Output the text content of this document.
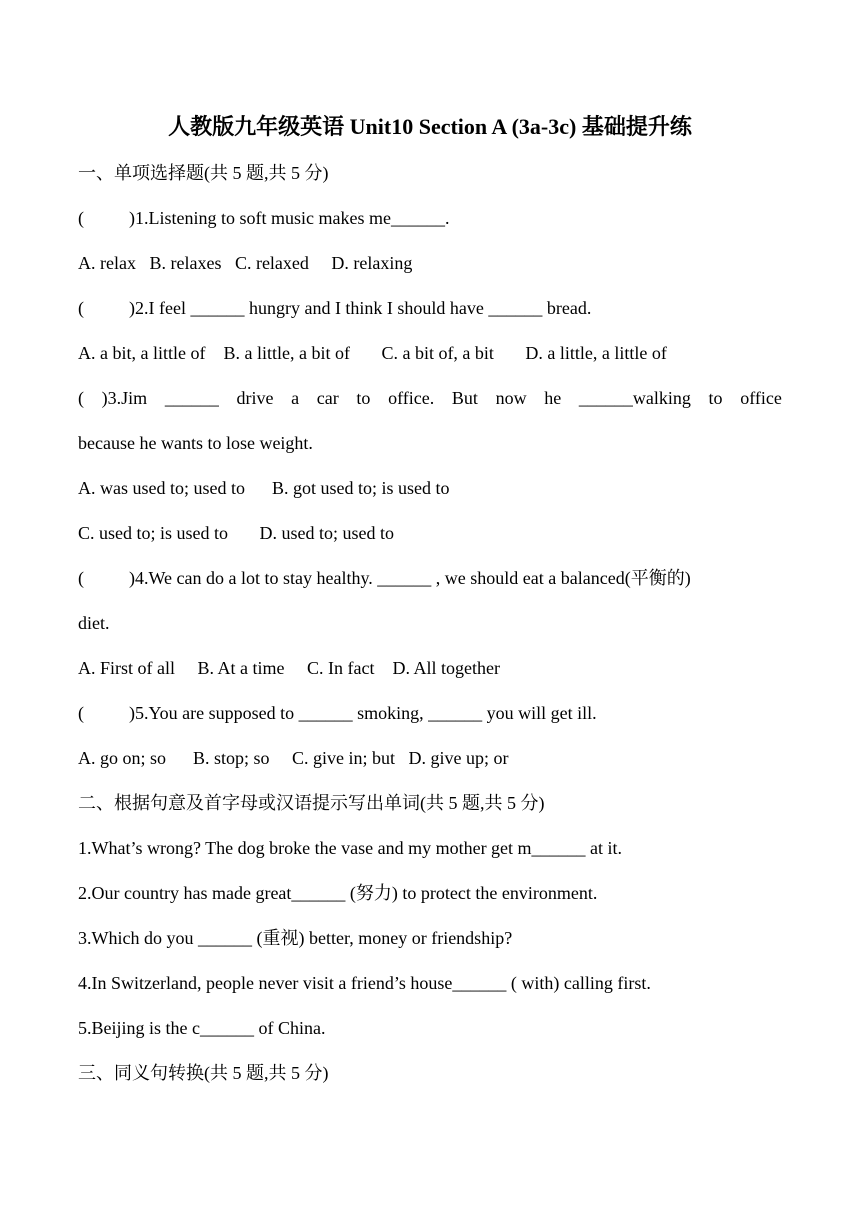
人教版九年级英语 Unit10 Section A (3a-3c) 基础提升练
一、单项选择题(共 5 题,共 5 分)
(          )1.Listening to soft music makes me______.
A. relax   B. relaxes   C. relaxed     D. relaxing
(          )2.I feel ______ hungry and I think I should have ______ bread.
A. a bit, a little of    B. a little, a bit of       C. a bit of, a bit       D. a little, a little of
( )3.Jim ______ drive a car to office. But now he ______walking to office
because he wants to lose weight.
A. was used to; used to      B. got used to; is used to
C. used to; is used to       D. used to; used to
(          )4.We can do a lot to stay healthy. ______ , we should eat a balanced(平衡的)
diet.
A. First of all     B. At a time     C. In fact    D. All together
(          )5.You are supposed to ______ smoking, ______ you will get ill.
A. go on; so      B. stop; so     C. give in; but   D. give up; or
二、根据句意及首字母或汉语提示写出单词(共 5 题,共 5 分)
1.What’s wrong? The dog broke the vase and my mother get m______ at it.
2.Our country has made great______ (努力) to protect the environment.
3.Which do you ______ (重视) better, money or friendship?
4.In Switzerland, people never visit a friend’s house______ ( with) calling first.
5.Beijing is the c______ of China.
三、同义句转换(共 5 题,共 5 分)
